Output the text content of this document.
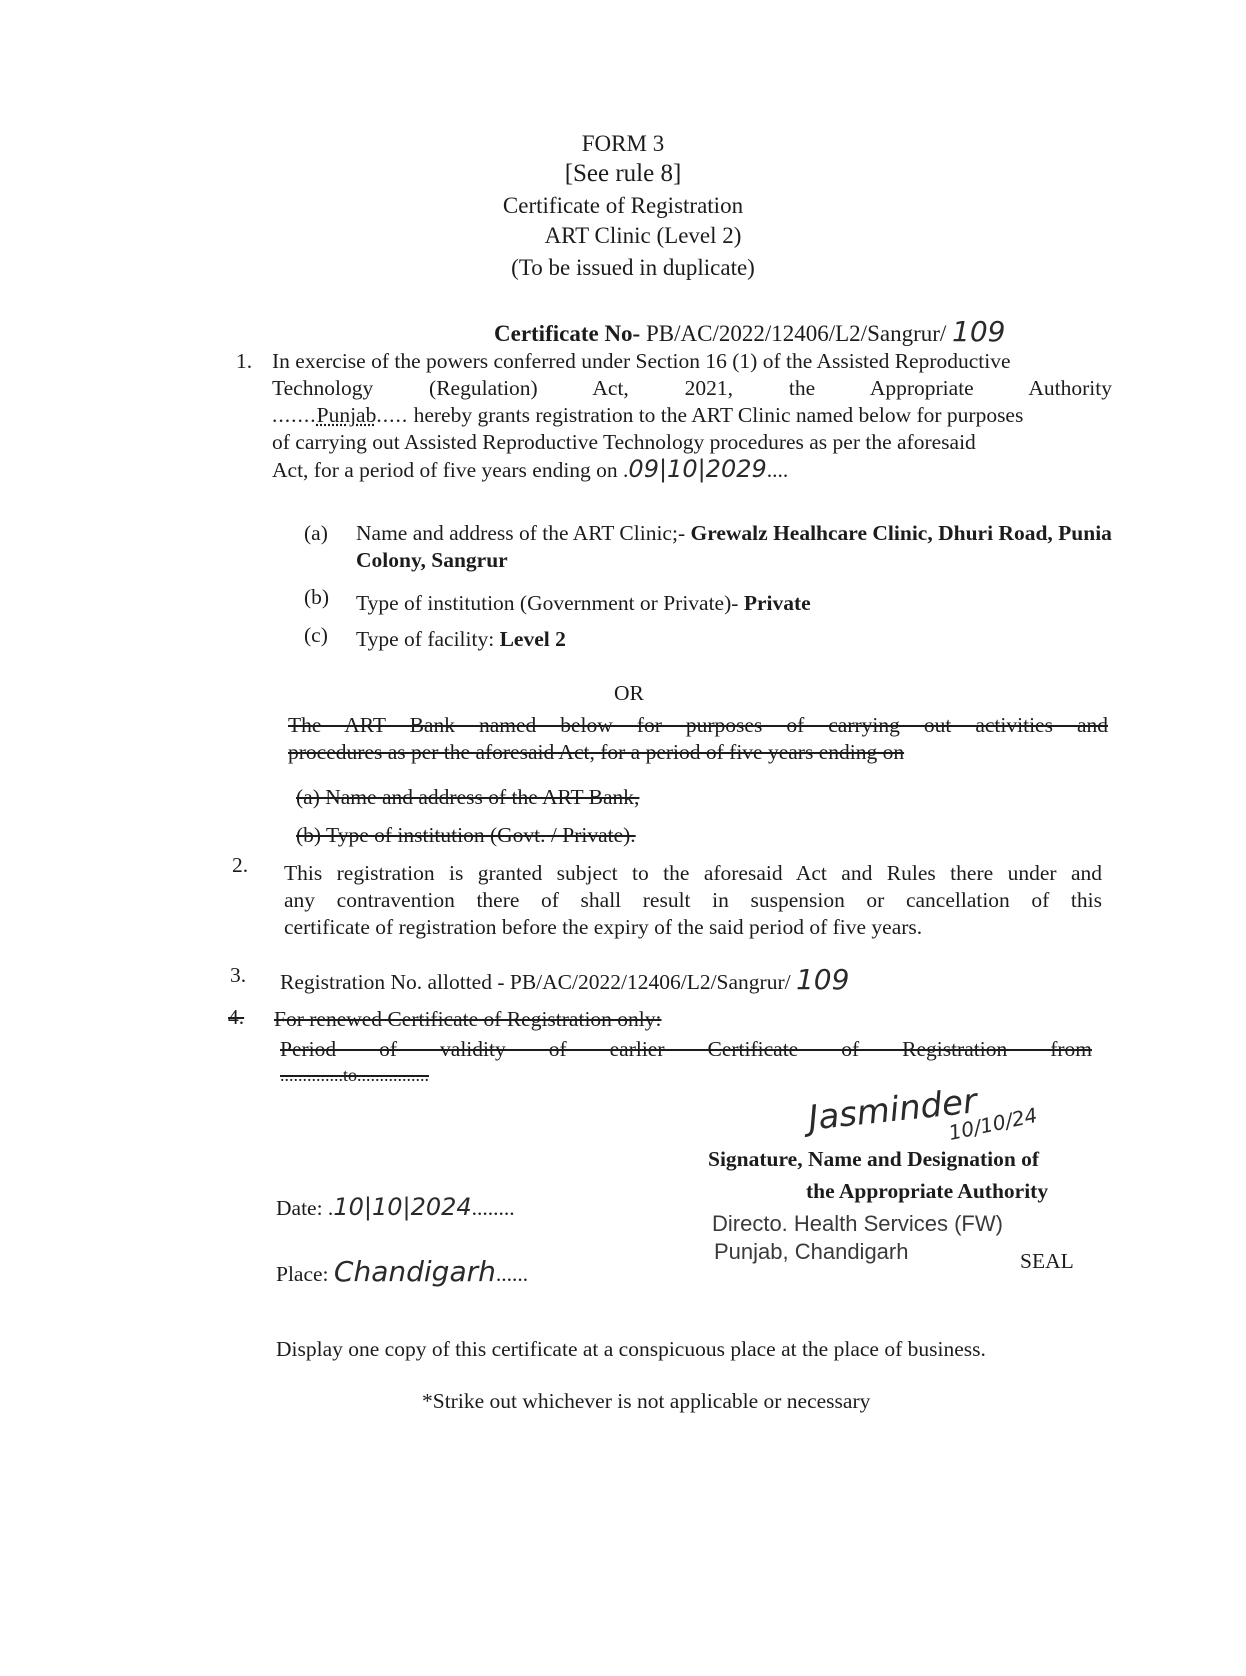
FORM 3
[See rule 8]
Certificate of Registration
ART Clinic (Level 2)
(To be issued in duplicate)
Certificate No- PB/AC/2022/12406/L2/Sangrur/ 109
1. In exercise of the powers conferred under Section 16 (1) of the Assisted Reproductive
Technology (Regulation) Act, 2021, the Appropriate Authority
.......Punjab..... hereby grants registration to the ART Clinic named below for purposes
of carrying out Assisted Reproductive Technology procedures as per the aforesaid
Act, for a period of five years ending on .09|10|2029....
(a) Name and address of the ART Clinic;- Grewalz Healhcare Clinic, Dhuri Road, Punia Colony, Sangrur
(b) Type of institution (Government or Private)- Private
(c) Type of facility: Level 2
OR
The ART Bank named below for purposes of carrying out activities and
procedures as per the aforesaid Act, for a period of five years ending on
(a) Name and address of the ART Bank,
(b) Type of institution (Govt. / Private).
2. This registration is granted subject to the aforesaid Act and Rules there under and
any contravention there of shall result in suspension or cancellation of this
certificate of registration before the expiry of the said period of five years.
3. Registration No. allotted - PB/AC/2022/12406/L2/Sangrur/ 109
4. For renewed Certificate of Registration only:
Period of validity of earlier Certificate of Registration from
..............to................
Jasminder
10/10/24
Signature, Name and Designation of
the Appropriate Authority
Directo. Health Services (FW)
Punjab, Chandigarh	SEAL
Date: .10|10|2024........
Place: Chandigarh......
Display one copy of this certificate at a conspicuous place at the place of business.
*Strike out whichever is not applicable or necessary
